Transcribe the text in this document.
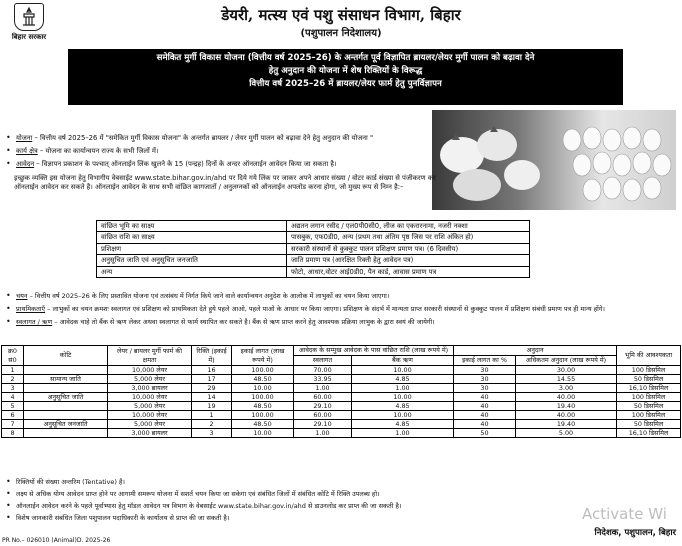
बिहार सरकार
डेयरी, मत्स्य एवं पशु संसाधन विभाग, बिहार
(पशुपालन निदेशालय)
समेकित मुर्गी विकास योजना (वित्तीय वर्ष 2025–26) के अन्तर्गत पूर्व विज्ञापित ब्रायलर/लेयर मुर्गी पालन को बढ़ावा देने
हेतु अनुदान की योजना में शेष रिक्तियों के विरूद्ध
वित्तीय वर्ष 2025–26 में ब्रायलर/लेयर फार्म हेतु पुनर्विज्ञापन
• योजना – वित्तीय वर्ष 2025–26 में "समेकित मुर्गी विकास योजना" के अन्तर्गत ब्रायलर / लेयर मुर्गी पालन को बढ़ावा देने हेतु अनुदान की योजना "
• कार्य क्षेत्र – योजना का कार्यान्वयन राज्य के सभी जिलों में।
• आवेदन – विज्ञापन प्रकाशन के पश्चात् ऑनलाईन लिंक खुलने के 15 (पन्द्रह) दिनों के अन्दर ऑनलाईन आवेदन किया जा सकता है।
इच्छुक व्यक्ति इस योजना हेतु विभागीय वेबसाईट www.state.bihar.gov.in/ahd पर दिये गये लिंक पर जाकर अपने आधार संख्या / वोटर कार्ड संख्या से पंजीकरण कर ऑनलाईन आवेदन कर सकते है। ऑनलाईन आवेदन के साथ सभी वांछित कागजातों / अनुलग्नकों को ऑनलाईन अपलोड करना होगा, जो मुख्य रूप से निम्न है:–
वांछित भूमि का साक्ष्य	अद्यतन लगान रसीद / एल0पी0सी0, लीज का एकरारनामा, नजरी नक्शा
वांछित राशि का साक्ष्य	पासबुक, एफ0डी0, अन्य (प्रथम तथा अंतिम पृष्ठ जिस पर राशि अंकित हो)
प्रशिक्षण	सरकारी संस्थानों से कुक्कुट पालन प्रशिक्षण प्रमाण पत्र। (6 दिवसीय)
अनुसूचित जाति एवं अनुसूचित जनजाति	जाति प्रमाण पत्र (आरक्षित रिक्ती हेतु आवेदन पत्र)
अन्य	फोटो, आधार,वोटर आई0डी0, पैन कार्ड, आवास प्रमाण पत्र
• चयन – वित्तीय वर्ष 2025–26 के लिए प्रस्तावित योजना एवं तत्संबंध में निर्गत किये जाने वाले कार्यान्वयन अनुदेश के आलोक में लाभुकों का चयन किया जाएगा।
• प्राथमिकताएँ – लाभुकों का चयन क्रमशः स्वलागत एवं प्रशिक्षण को प्राथमिकता देते हुये पहले आओ, पहले पाओ के आधार पर किया जाएगा। प्रशिक्षण के संदर्भ में मान्यता प्राप्त सरकारी संस्थानों से कुक्कुट पालन में प्रशिक्षण संबंधी प्रमाण पत्र ही मान्य होंगे।
• स्वलागत / ऋण – आवेदक चाहे तो बैंक से ऋण लेकर अथवा स्वलागत से फार्म स्थापित कर सकते है। बैंक से ऋण प्राप्त करने हेतु आवश्यक प्रक्रिया लाभुक के द्वारा स्वयं की जायेगी।
क्र0 सं0	कोटि	लेयर / ब्रायलर मुर्गी फार्म की क्षमता	रिक्ति (इकाई में)	इकाई लागत (लाख रूपये में)	आवेदक के सम्मुख आवेदक के पास वांछित राशि (लाख रूपये में)		अनुदान		भूमि की आवश्यकता
					स्वलागत	बैंक ऋण	इकाई लागत का %	अधिकतम अनुदान (लाख रूपये में)	
1		10,000 लेयर	16	100.00	70.00	10.00	30	30.00	100 डिसमिल
2	सामान्य जाति	5,000 लेयर	17	48.50	33.95	4.85	30	14.55	50 डिसमिल
3		3,000 ब्रायलर	29	10.00	1.00	1.00	30	3.00	16,10 डिसमिल
4	अनुसूचित जाति	10,000 लेयर	14	100.00	60.00	10.00	40	40.00	100 डिसमिल
5		5,000 लेयर	19	48.50	29.10	4.85	40	19.40	50 डिसमिल
6		10,000 लेयर	1	100.00	60.00	10.00	40	40.00	100 डिसमिल
7	अनुसूचित जनजाति	5,000 लेयर	2	48.50	29.10	4.85	40	19.40	50 डिसमिल
8		3,000 ब्रायलर	3	10.00	1.00	1.00	50	5.00	16,10 डिसमिल
• रिक्तियों की संख्या अन्तरिम (Tentative) है।
• लक्ष्य से अधिक योग्य आवेदन प्राप्त होने पर आगामी समरूप योजना में सशर्त चयन किया जा सकेगा एवं संबंधित जिलों में संबंधित कोटि में रिक्ति उपलब्ध हो।
• ऑनलाईन आवेदन करने के पहले पूर्वाभ्यास हेतु मॉडल आवेदन पत्र विभाग के वेबसाईट www.state.bihar.gov.in/ahd से डाउनलोड कर प्राप्त की जा सकती है।
• विशेष जानकारी संबंधित जिला पशुपालन पदाधिकारी के कार्यालय से प्राप्त की जा सकती है।	Activate Wi
निदेशक, पशुपालन, बिहार
PR No.– 026010 (Animal)D. 2025-26
